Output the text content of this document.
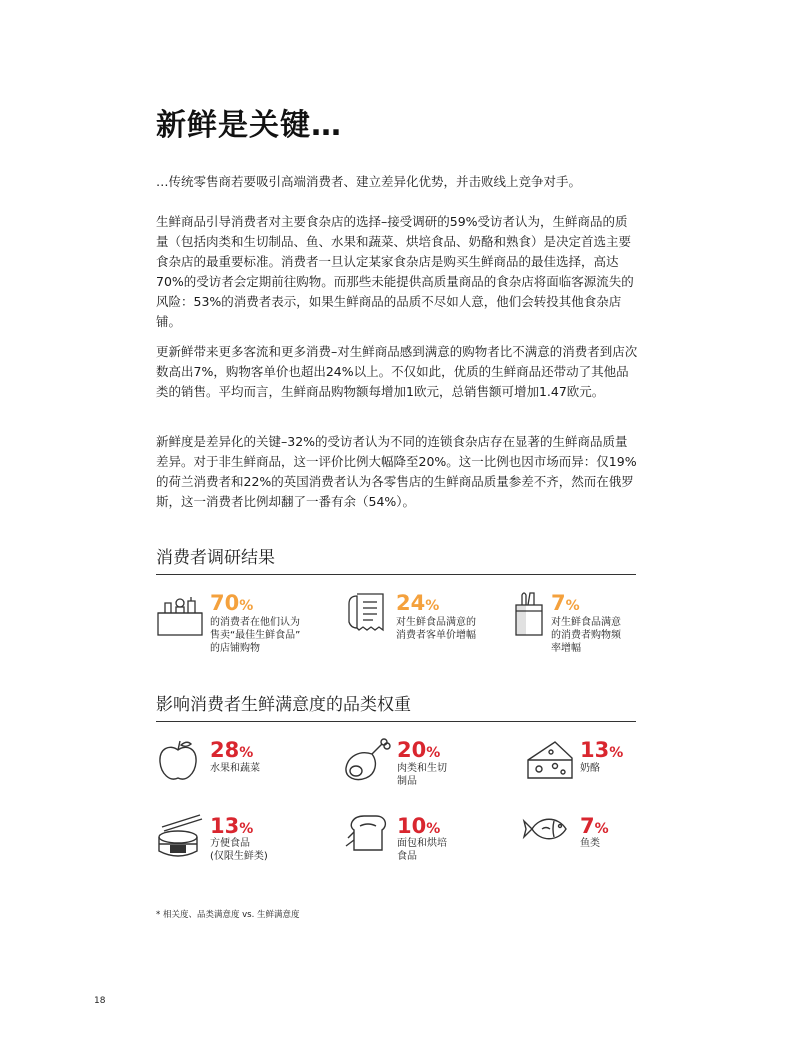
新鲜是关键…
…传统零售商若要吸引高端消费者、建立差异化优势，并击败线上竞争对手。
生鲜商品引导消费者对主要食杂店的选择–接受调研的59%受访者认为，生鲜商品的质量（包括肉类和生切制品、鱼、水果和蔬菜、烘培食品、奶酪和熟食）是决定首选主要食杂店的最重要标准。消费者一旦认定某家食杂店是购买生鲜商品的最佳选择，高达70%的受访者会定期前往购物。而那些未能提供高质量商品的食杂店将面临客源流失的风险：53%的消费者表示，如果生鲜商品的品质不尽如人意，他们会转投其他食杂店铺。
更新鲜带来更多客流和更多消费–对生鲜商品感到满意的购物者比不满意的消费者到店次数高出7%，购物客单价也超出24%以上。不仅如此，优质的生鲜商品还带动了其他品类的销售。平均而言，生鲜商品购物额每增加1欧元，总销售额可增加1.47欧元。
新鲜度是差异化的关键–32%的受访者认为不同的连锁食杂店存在显著的生鲜商品质量差异。对于非生鲜商品，这一评价比例大幅降至20%。这一比例也因市场而异：仅19%的荷兰消费者和22%的英国消费者认为各零售店的生鲜商品质量参差不齐，然而在俄罗斯，这一消费者比例却翻了一番有余（54%）。
消费者调研结果
70%
的消费者在他们认为
售卖“最佳生鲜食品”
的店铺购物
24%
对生鲜食品满意的
消费者客单价增幅
7%
对生鲜食品满意
的消费者购物频
率增幅
影响消费者生鲜满意度的品类权重
28%
水果和蔬菜
20%
肉类和生切
制品
13%
奶酪
13%
方便食品
(仅限生鲜类)
10%
面包和烘培
食品
7%
鱼类
* 相关度、品类满意度 vs. 生鲜满意度
18
